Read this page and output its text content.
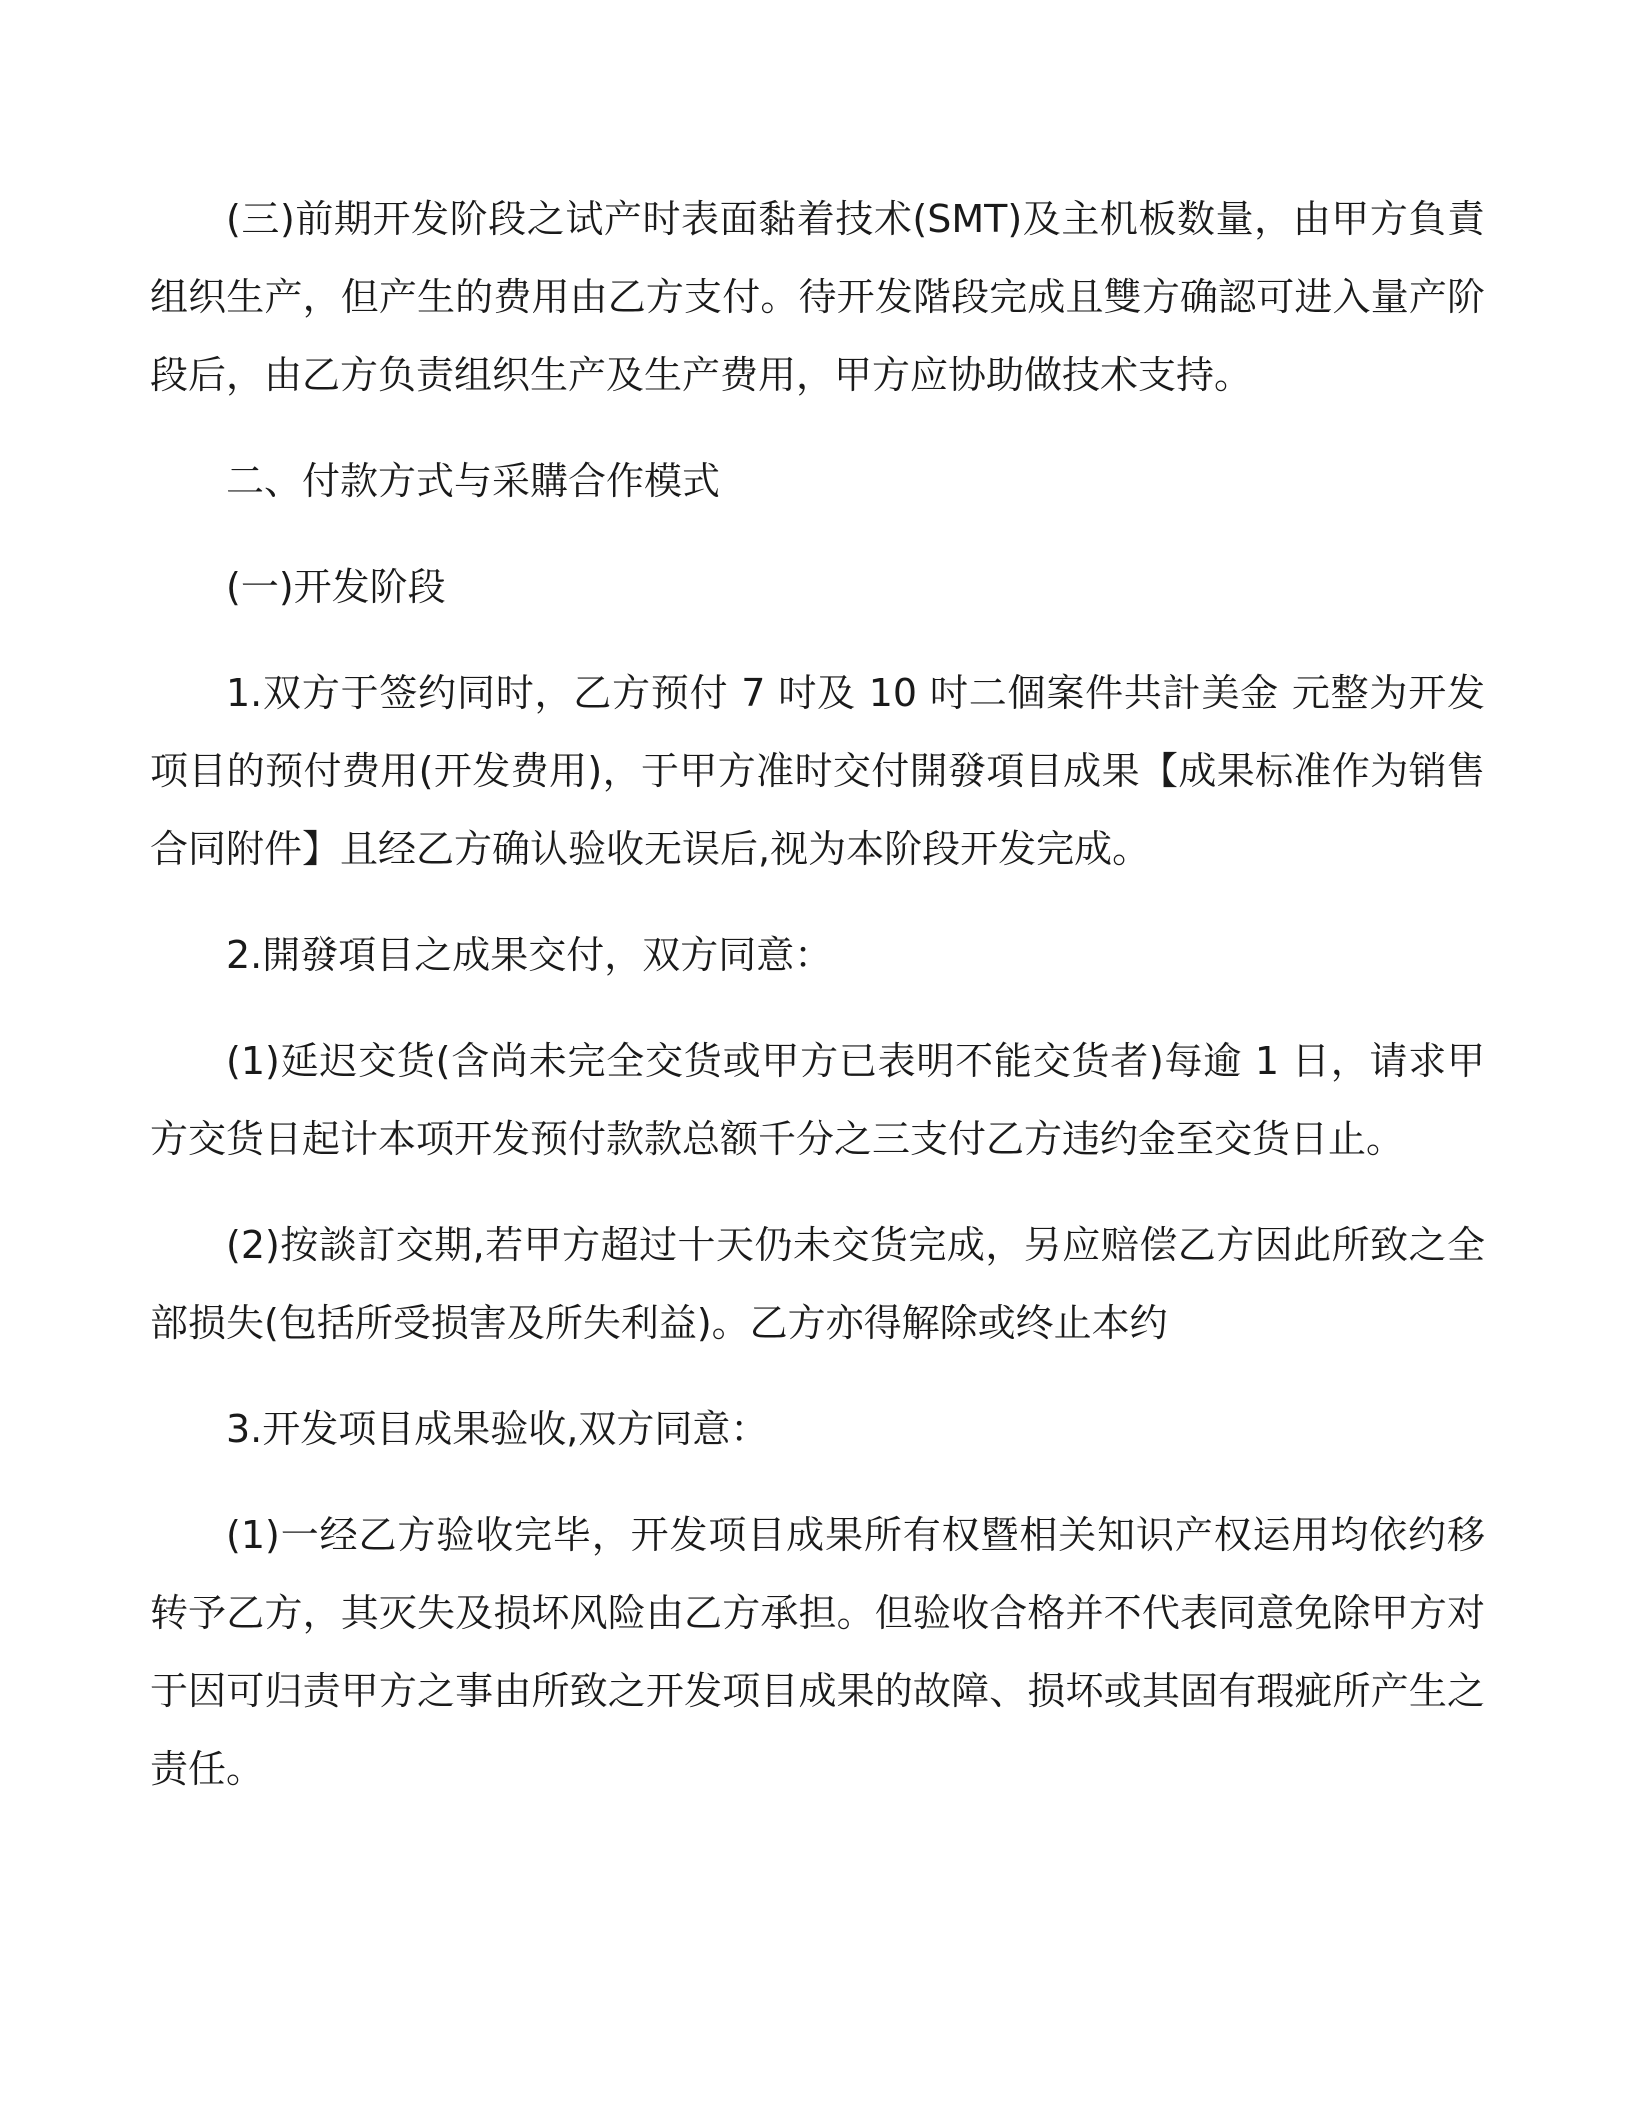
(三)前期开发阶段之试产时表面黏着技术(SMT)及主机板数量，由甲方負責组织生产，但产生的费用由乙方支付。待开发階段完成且雙方确認可进入量产阶段后，由乙方负责组织生产及生产费用，甲方应协助做技术支持。

二、付款方式与采購合作模式

(一)开发阶段

1.双方于签约同时，乙方预付 7 吋及 10 吋二個案件共計美金 元整为开发项目的预付费用(开发费用)，于甲方准时交付開發項目成果【成果标准作为销售合同附件】且经乙方确认验收无误后,视为本阶段开发完成。

2.開發項目之成果交付，双方同意：

(1)延迟交货(含尚未完全交货或甲方已表明不能交货者)每逾 1 日，请求甲方交货日起计本项开发预付款款总额千分之三支付乙方违约金至交货日止。

(2)按談訂交期,若甲方超过十天仍未交货完成，另应赔偿乙方因此所致之全部损失(包括所受损害及所失利益)。乙方亦得解除或终止本约

3.开发项目成果验收,双方同意：

(1)一经乙方验收完毕，开发项目成果所有权暨相关知识产权运用均依约移转予乙方，其灭失及损坏风险由乙方承担。但验收合格并不代表同意免除甲方对于因可归责甲方之事由所致之开发项目成果的故障、损坏或其固有瑕疵所产生之责任。
